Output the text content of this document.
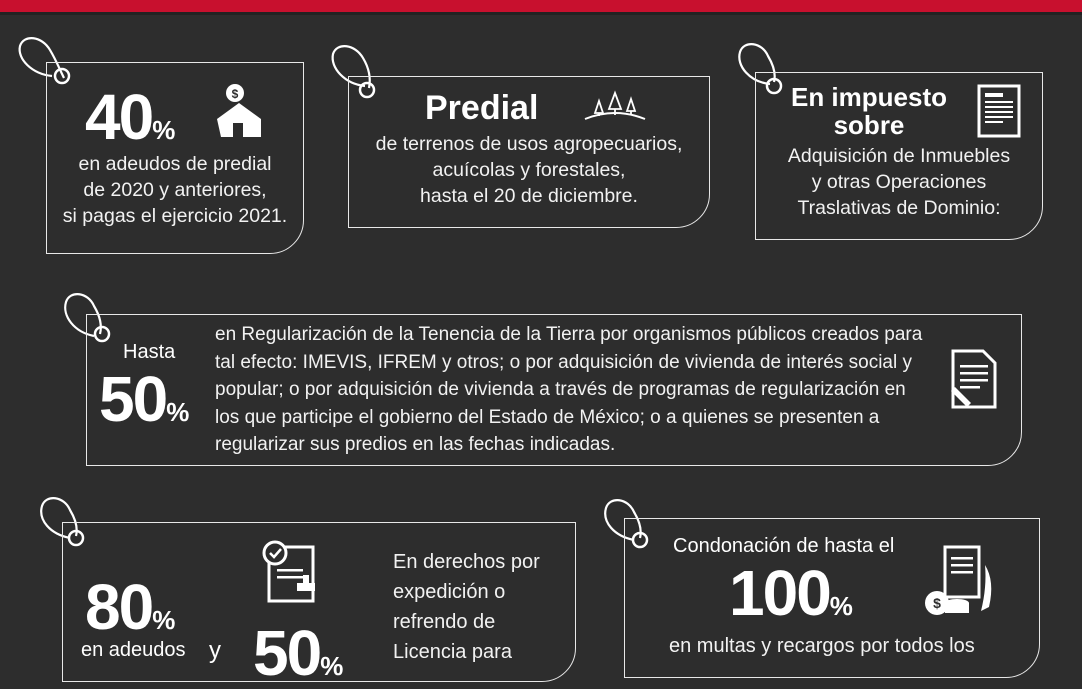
40%
$
en adeudos de predial
de 2020 y anteriores,
si pagas el ejercicio 2021.
Predial
de terrenos de usos agropecuarios,
acuícolas y forestales,
hasta el 20 de diciembre.
En impuesto
sobre
Adquisición de Inmuebles
y otras Operaciones
Traslativas de Dominio:
Hasta
50%
en Regularización de la Tenencia de la Tierra por organismos públicos creados para
tal efecto: IMEVIS, IFREM y otros; o por adquisición de vivienda de interés social y
popular; o por adquisición de vivienda a través de programas de regularización en
los que participe el gobierno del Estado de México; o a quienes se presenten a
regularizar sus predios en las fechas indicadas.
80%
en adeudos y 50%
En derechos por
expedición o
refrendo de
Licencia para
Condonación de hasta el
100%	$
en multas y recargos por todos los
